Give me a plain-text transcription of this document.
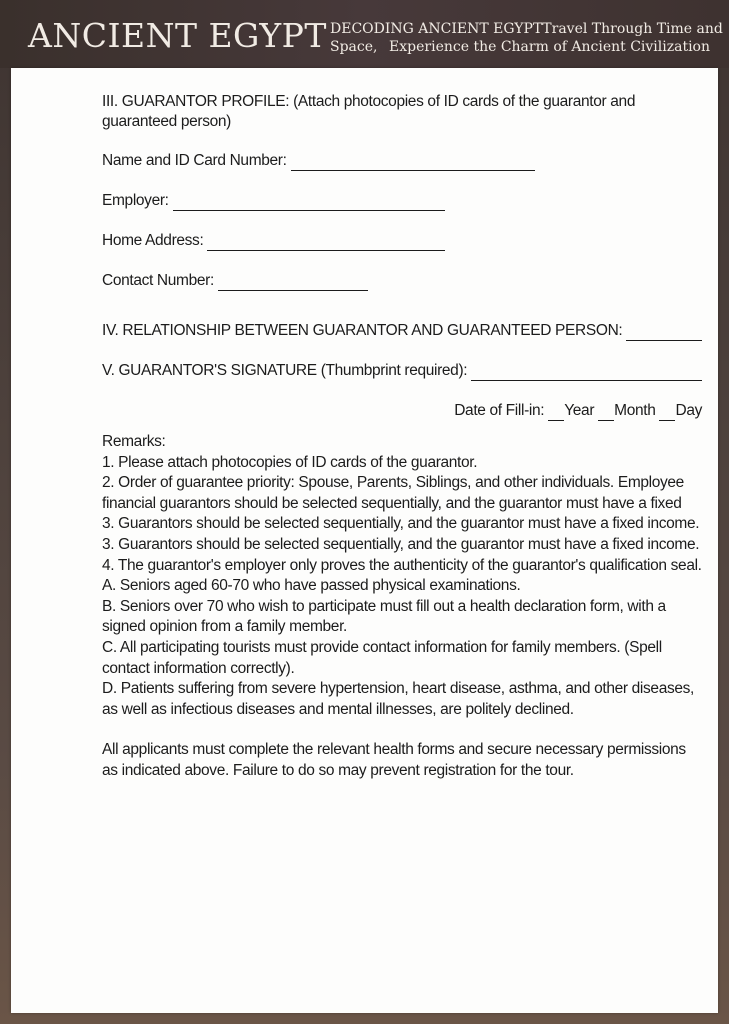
ANCIENT EGYPT DECODING ANCIENT EGYPT Travel Through Time and
Space, Experience the Charm of Ancient Civilization
III. GUARANTOR PROFILE: (Attach photocopies of ID cards of the guarantor and guaranteed person)
Name and ID Card Number:
Employer:
Home Address:
Contact Number:
IV. RELATIONSHIP BETWEEN GUARANTOR AND GUARANTEED PERSON:
V. GUARANTOR'S SIGNATURE (Thumbprint required):
Date of Fill-in: Year Month Day

Remarks:

1. Please attach photocopies of ID cards of the guarantor.

2. Order of guarantee priority: Spouse, Parents, Siblings, and other individuals. Employee financial guarantors should be selected sequentially, and the guarantor must have a fixed

3. Guarantors should be selected sequentially, and the guarantor must have a fixed income.

3. Guarantors should be selected sequentially, and the guarantor must have a fixed income.

4. The guarantor's employer only proves the authenticity of the guarantor's qualification seal.

A. Seniors aged 60-70 who have passed physical examinations.

B. Seniors over 70 who wish to participate must fill out a health declaration form, with a signed opinion from a family member.

C. All participating tourists must provide contact information for family members. (Spell contact information correctly).

D. Patients suffering from severe hypertension, heart disease, asthma, and other diseases, as well as infectious diseases and mental illnesses, are politely declined.

All applicants must complete the relevant health forms and secure necessary permissions as indicated above. Failure to do so may prevent registration for the tour.
